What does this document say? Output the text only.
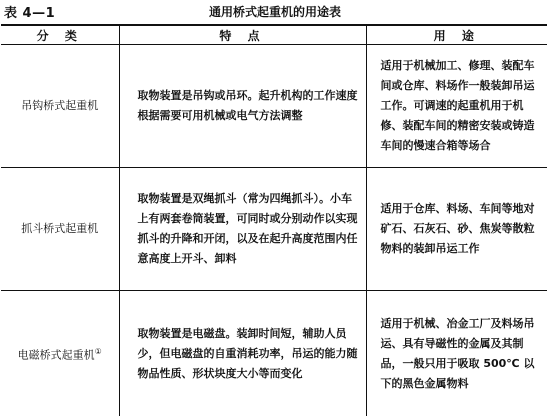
表 4—1	通用桥式起重机的用途表
分 类	特 点	用 途
吊钩桥式起重机	取物装置是吊钩或吊环。起升机构的工作速度根据需要可用机械或电气方法调整	适用于机械加工、修理、装配车间或仓库、料场作一般装卸吊运工作。可调速的起重机用于机修、装配车间的精密安装或铸造车间的慢速合箱等场合
抓斗桥式起重机	取物装置是双绳抓斗（常为四绳抓斗）。小车上有两套卷筒装置，可同时或分别动作以实现抓斗的升降和开闭，以及在起升高度范围内任意高度上开斗、卸料	适用于仓库、料场、车间等地对矿石、石灰石、砂、焦炭等散粒物料的装卸吊运工作
电磁桥式起重机①	取物装置是电磁盘。装卸时间短，辅助人员少，但电磁盘的自重消耗功率，吊运的能力随物品性质、形状块度大小等而变化	适用于机械、冶金工厂及料场吊运、具有导磁性的金属及其制品，一般只用于吸取 500℃ 以下的黑色金属物料
